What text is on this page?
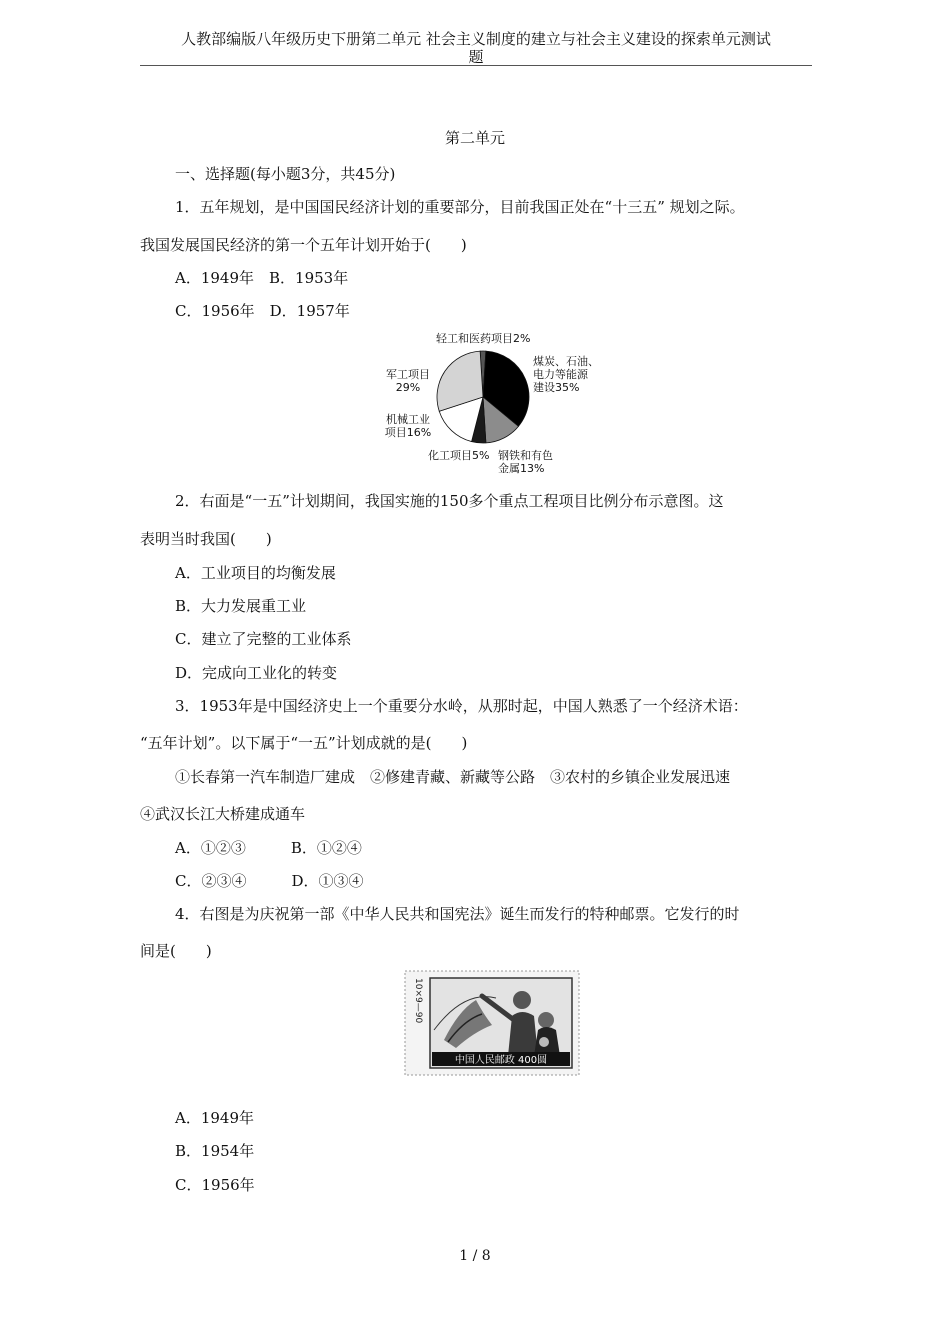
人教部编版八年级历史下册第二单元 社会主义制度的建立与社会主义建设的探索单元测试
题
第二单元
一、选择题(每小题3分，共45分)
1．五年规划，是中国国民经济计划的重要部分，目前我国正处在“十三五” 规划之际。
我国发展国民经济的第一个五年计划开始于(　　)
A．1949年　B．1953年
C．1956年　D．1957年
轻工和医药项目2%
煤炭、石油、
电力等能源
建设35%
钢铁和有色
金属13%
化工项目5%
机械工业
项目16%
军工项目
29%
2．右面是“一五”计划期间，我国实施的150多个重点工程项目比例分布示意图。这
表明当时我国(　　)
A．工业项目的均衡发展
B．大力发展重工业
C．建立了完整的工业体系
D．完成向工业化的转变
3．1953年是中国经济史上一个重要分水岭，从那时起，中国人熟悉了一个经济术语：
“五年计划”。以下属于“一五”计划成就的是(　　)
①长春第一汽车制造厂建成　②修建青藏、新藏等公路　③农村的乡镇企业发展迅速
④武汉长江大桥建成通车
A．①②③　　　B．①②④
C．②③④　　　D．①③④
4．右图是为庆祝第一部《中华人民共和国宪法》诞生而发行的特种邮票。它发行的时
间是(　　)
中国人民邮政 400圆
10×9—90
A．1949年
B．1954年
C．1956年
1 / 8
